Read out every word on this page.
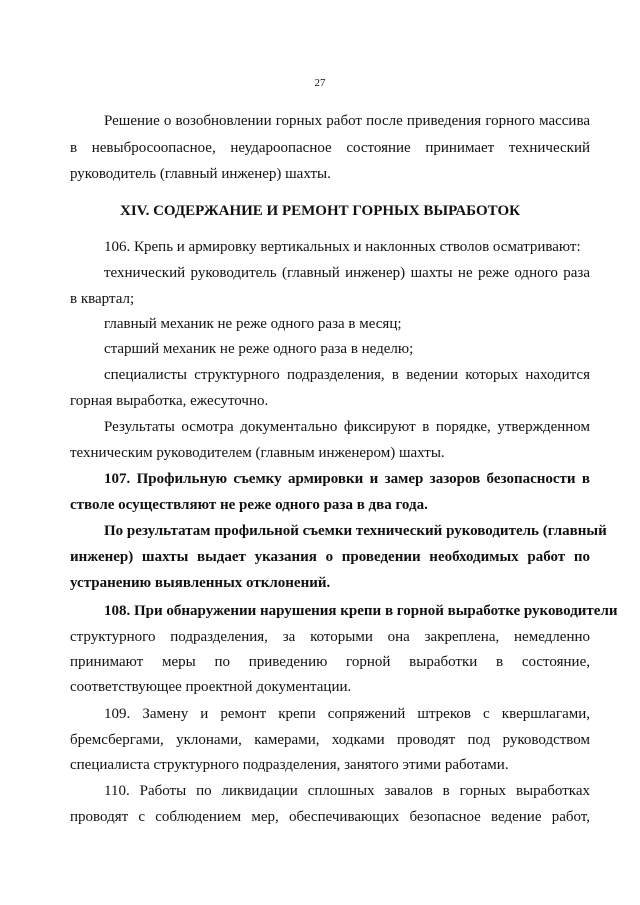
27
Решение о возобновлении горных работ после приведения горного массива
в невыбросоопасное, неудароопасное состояние принимает технический
руководитель (главный инженер) шахты.
XIV. СОДЕРЖАНИЕ И РЕМОНТ ГОРНЫХ ВЫРАБОТОК
106. Крепь и армировку вертикальных и наклонных стволов осматривают:
технический руководитель (главный инженер) шахты не реже одного раза
в квартал;
главный механик не реже одного раза в месяц;
старший механик не реже одного раза в неделю;
специалисты структурного подразделения, в ведении которых находится
горная выработка, ежесуточно.
Результаты осмотра документально фиксируют в порядке, утвержденном
техническим руководителем (главным инженером) шахты.
107. Профильную съемку армировки и замер зазоров безопасности в
стволе осуществляют не реже одного раза в два года.
По результатам профильной съемки технический руководитель (главный
инженер) шахты выдает указания о проведении необходимых работ по
устранению выявленных отклонений.
108. При обнаружении нарушения крепи в горной выработке руководители
структурного подразделения, за которыми она закреплена, немедленно
принимают меры по приведению горной выработки в состояние,
соответствующее проектной документации.
109. Замену и ремонт крепи сопряжений штреков с квершлагами,
бремсбергами, уклонами, камерами, ходками проводят под руководством
специалиста структурного подразделения, занятого этими работами.
110. Работы по ликвидации сплошных завалов в горных выработках
проводят с соблюдением мер, обеспечивающих безопасное ведение работ,
